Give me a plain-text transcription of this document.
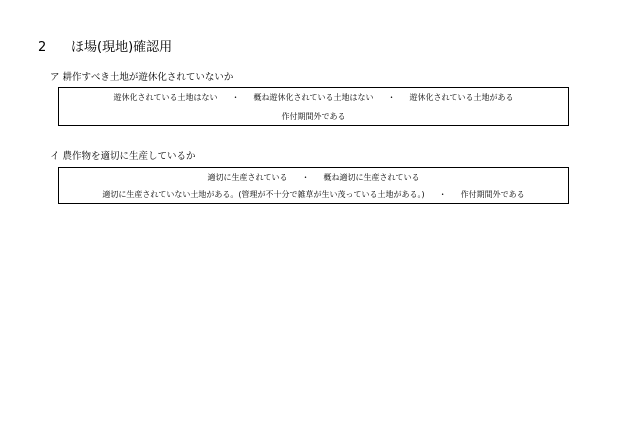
2 ほ場(現地)確認用
ア 耕作すべき土地が遊休化されていないか
遊休化されている土地はない ・ 概ね遊休化されている土地はない ・ 遊休化されている土地がある
作付期間外である
イ 農作物を適切に生産しているか
適切に生産されている ・ 概ね適切に生産されている
適切に生産されていない土地がある。(管理が不十分で雑草が生い茂っている土地がある。) ・ 作付期間外である
